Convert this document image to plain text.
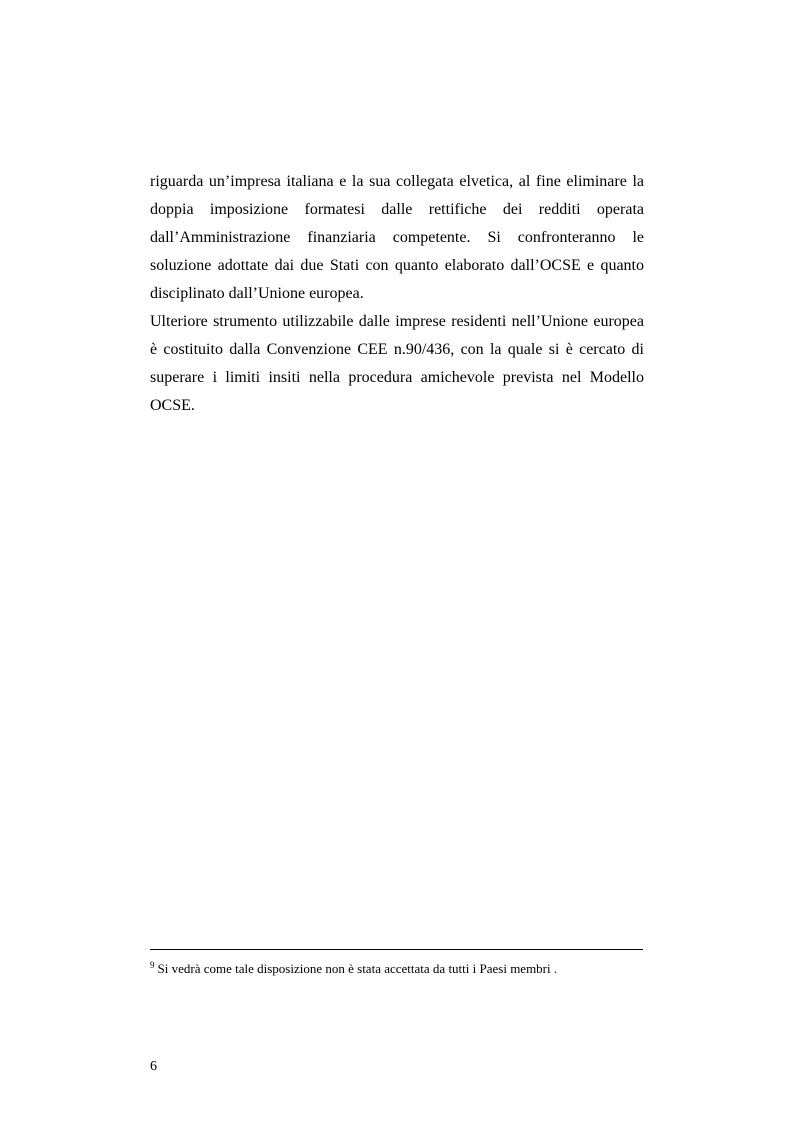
riguarda un’impresa italiana e la sua collegata elvetica, al fine eliminare la
doppia imposizione formatesi dalle rettifiche dei redditi operata
dall’Amministrazione finanziaria competente. Si confronteranno le
soluzione adottate dai due Stati con quanto elaborato dall’OCSE e quanto
disciplinato dall’Unione europea.
Ulteriore strumento utilizzabile dalle imprese residenti nell’Unione europea
è costituito dalla Convenzione CEE n.90/436, con la quale si è cercato di
superare i limiti insiti nella procedura amichevole prevista nel Modello
OCSE.
$^9$ Si vedrà come tale disposizione non è stata accettata da tutti i Paesi membri .
6
